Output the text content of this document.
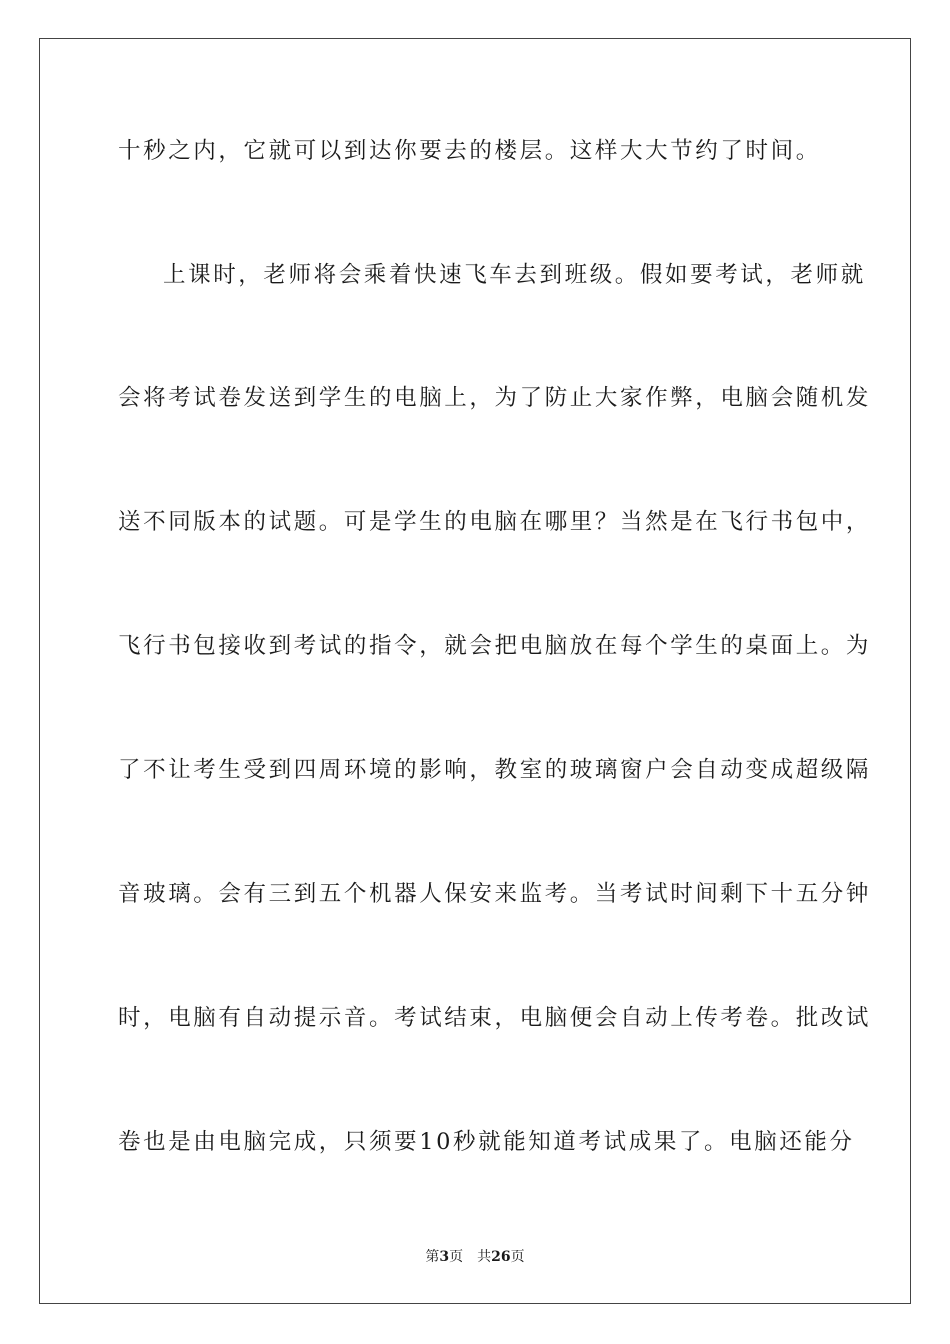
十秒之内，它就可以到达你要去的楼层。这样大大节约了时间。
上课时，老师将会乘着快速飞车去到班级。假如要考试，老师就
会将考试卷发送到学生的电脑上，为了防止大家作弊，电脑会随机发
送不同版本的试题。可是学生的电脑在哪里？当然是在飞行书包中，
飞行书包接收到考试的指令，就会把电脑放在每个学生的桌面上。为
了不让考生受到四周环境的影响，教室的玻璃窗户会自动变成超级隔
音玻璃。会有三到五个机器人保安来监考。当考试时间剩下十五分钟
时，电脑有自动提示音。考试结束，电脑便会自动上传考卷。批改试
卷也是由电脑完成，只须要10秒就能知道考试成果了。电脑还能分
第3页 共26页
